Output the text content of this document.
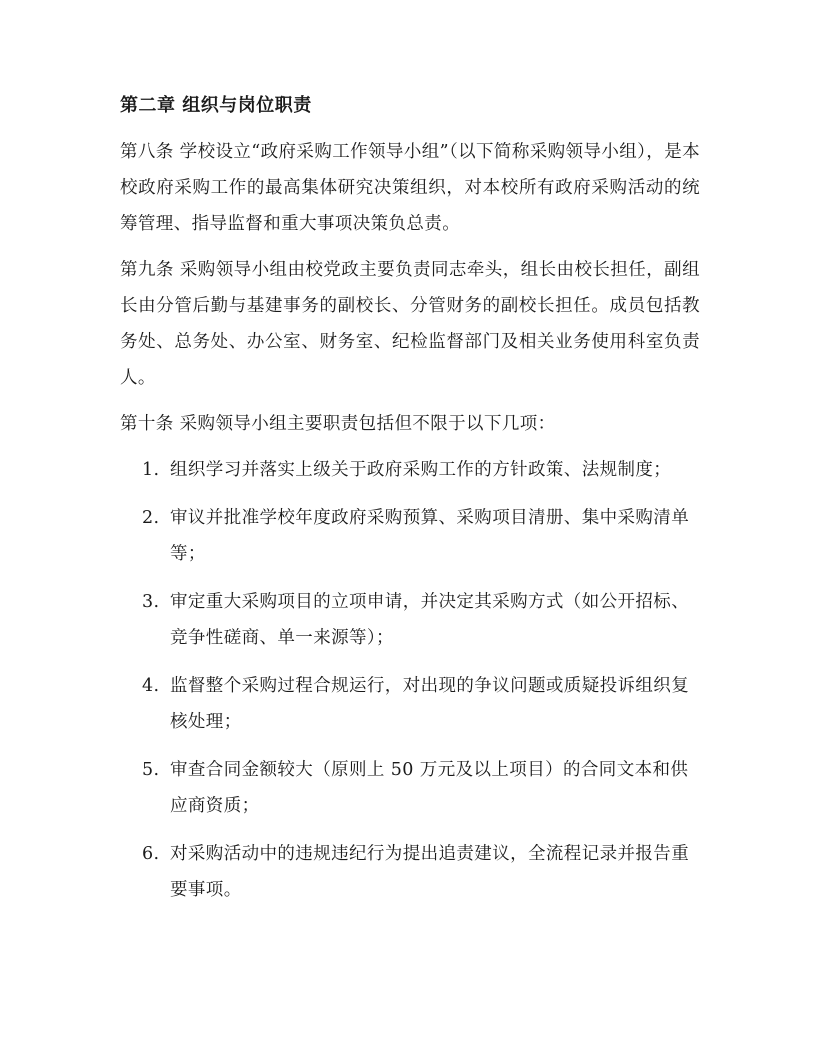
第二章 组织与岗位职责

第八条 学校设立“政府采购工作领导小组”（以下简称采购领导小组），是本校政府采购工作的最高集体研究决策组织，对本校所有政府采购活动的统筹管理、指导监督和重大事项决策负总责。

第九条 采购领导小组由校党政主要负责同志牵头，组长由校长担任，副组长由分管后勤与基建事务的副校长、分管财务的副校长担任。成员包括教务处、总务处、办公室、财务室、纪检监督部门及相关业务使用科室负责人。

第十条 采购领导小组主要职责包括但不限于以下几项：

1. 组织学习并落实上级关于政府采购工作的方针政策、法规制度；
2. 审议并批准学校年度政府采购预算、采购项目清册、集中采购清单等；
3. 审定重大采购项目的立项申请，并决定其采购方式（如公开招标、竞争性磋商、单一来源等）；
4. 监督整个采购过程合规运行，对出现的争议问题或质疑投诉组织复核处理；
5. 审查合同金额较大（原则上 50 万元及以上项目）的合同文本和供应商资质；
6. 对采购活动中的违规违纪行为提出追责建议，全流程记录并报告重要事项。
